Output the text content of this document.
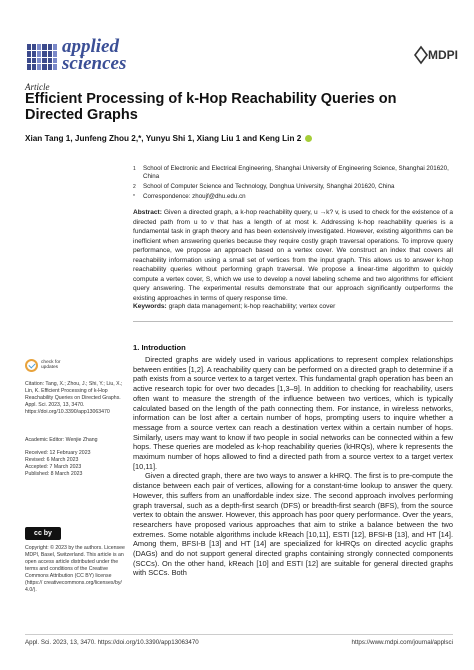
applied
sciences	MDPI
Article
Efficient Processing of k-Hop Reachability Queries on Directed Graphs
Xian Tang 1, Junfeng Zhou 2,*, Yunyu Shi 1, Xiang Liu 1 and Keng Lin 2
1	School of Electronic and Electrical Engineering, Shanghai University of Engineering Science, Shanghai 201620, China
2	School of Computer Science and Technology, Donghua University, Shanghai 201620, China
*	Correspondence: zhoujf@dhu.edu.cn
Abstract: Given a directed graph, a k-hop reachability query, u →k? v, is used to check for the existence of a directed path from u to v that has a length of at most k. Addressing k-hop reachability queries is a fundamental task in graph theory and has been extensively investigated. However, existing algorithms can be inefficient when answering queries because they require costly graph traversal operations. To improve query performance, we propose an approach based on a vertex cover. We construct an index that covers all reachability information using a small set of vertices from the input graph. This allows us to answer k-hop reachability queries without performing graph traversal. We propose a linear-time algorithm to quickly compute a vertex cover, S, which we use to develop a novel labeling scheme and two algorithms for efficient query answering. The experimental results demonstrate that our approach significantly outperforms the existing approaches in terms of query response time.
Keywords: graph data management; k-hop reachability; vertex cover
check for
updates
Citation: Tang, X.; Zhou, J.; Shi, Y.; Liu, X.; Lin, K. Efficient Processing of k-Hop Reachability Queries on Directed Graphs. Appl. Sci. 2023, 13, 3470. https://doi.org/10.3390/app13063470
Academic Editor: Wenjie Zhang
Received: 12 February 2023
Revised: 6 March 2023
Accepted: 7 March 2023
Published: 8 March 2023
cc by
Copyright: © 2023 by the authors. Licensee MDPI, Basel, Switzerland. This article is an open access article distributed under the terms and conditions of the Creative Commons Attribution (CC BY) license (https:// creativecommons.org/licenses/by/ 4.0/).
1. Introduction

Directed graphs are widely used in various applications to represent complex relationships between entities [1,2]. A reachability query can be performed on a directed graph to determine if a path exists from a source vertex to a target vertex. This fundamental graph operation has been an active research topic for over two decades [1,3–9]. In addition to checking for reachability, users often want to measure the strength of the influence between two vertices, which is typically calculated based on the length of the path connecting them. For instance, in wireless networks, information can be lost after a certain number of hops, prompting users to inquire whether a message from a source vertex can reach a destination vertex within a certain number of hops. Similarly, users may want to know if two people in social networks can be connected within a few hops. These queries are modeled as k-hop reachability queries (kHRQs), where k represents the maximum number of hops allowed to find a directed path from a source vertex to a target vertex [10,11].

Given a directed graph, there are two ways to answer a kHRQ. The first is to pre-compute the distance between each pair of vertices, allowing for a constant-time lookup to answer the query. However, this suffers from an unaffordable index size. The second approach involves performing graph traversal, such as a depth-first search (DFS) or breadth-first search (BFS), from the source vertex to obtain the answer. However, this approach has poor query performance. Over the years, researchers have proposed various approaches that aim to strike a balance between the two extremes. Some notable algorithms include kReach [10,11], ESTI [12], BFSI-B [13], and HT [14]. Among them, BFSI-B [13] and HT [14] are specialized for kHRQs on directed acyclic graphs (DAGs) and do not support general directed graphs containing strongly connected components (SCCs). On the other hand, kReach [10] and ESTI [12] are suitable for general directed graphs with SCCs. Both

Appl. Sci. 2023, 13, 3470. https://doi.org/10.3390/app13063470	https://www.mdpi.com/journal/applsci
